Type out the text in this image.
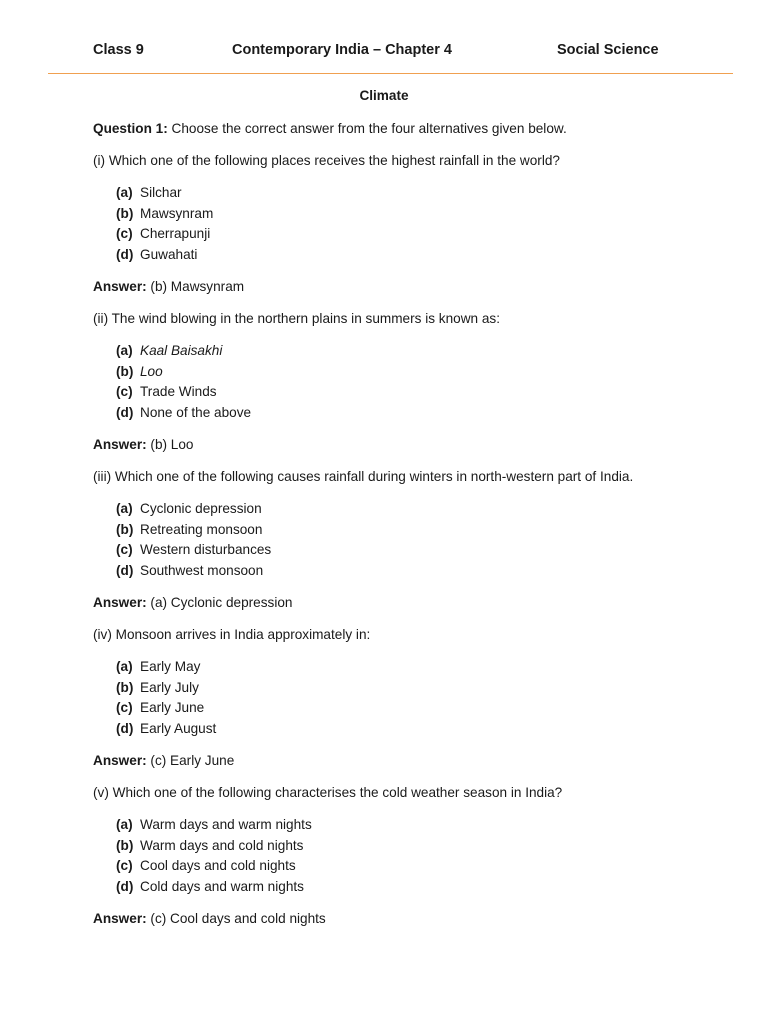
Class 9	Contemporary India – Chapter 4	Social Science
Climate
Question 1: Choose the correct answer from the four alternatives given below.
(i) Which one of the following places receives the highest rainfall in the world?
(a) Silchar
(b) Mawsynram
(c) Cherrapunji
(d) Guwahati
Answer: (b) Mawsynram
(ii) The wind blowing in the northern plains in summers is known as:
(a) Kaal Baisakhi
(b) Loo
(c) Trade Winds
(d) None of the above
Answer: (b) Loo
(iii) Which one of the following causes rainfall during winters in north-western part of India.
(a) Cyclonic depression
(b) Retreating monsoon
(c) Western disturbances
(d) Southwest monsoon
Answer: (a) Cyclonic depression
(iv) Monsoon arrives in India approximately in:
(a) Early May
(b) Early July
(c) Early June
(d) Early August
Answer: (c) Early June
(v) Which one of the following characterises the cold weather season in India?
(a) Warm days and warm nights
(b) Warm days and cold nights
(c) Cool days and cold nights
(d) Cold days and warm nights
Answer: (c) Cool days and cold nights
